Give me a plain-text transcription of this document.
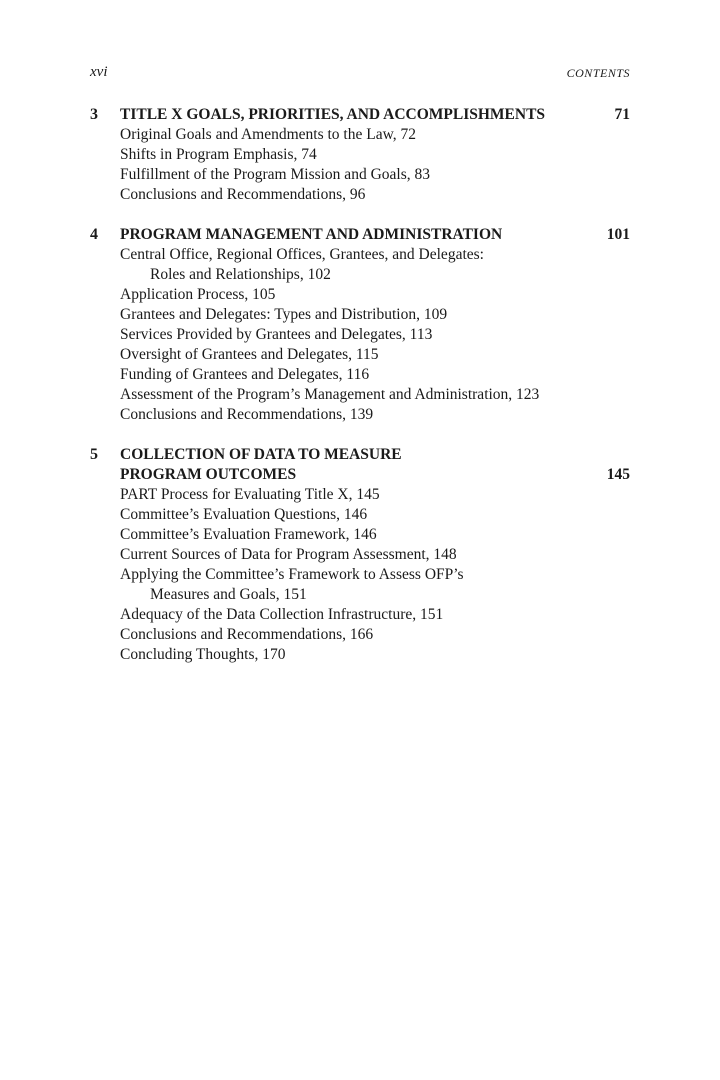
xvi	CONTENTS
3 TITLE X GOALS, PRIORITIES, AND ACCOMPLISHMENTS	71
Original Goals and Amendments to the Law, 72
Shifts in Program Emphasis, 74
Fulfillment of the Program Mission and Goals, 83
Conclusions and Recommendations, 96
4 PROGRAM MANAGEMENT AND ADMINISTRATION	101
Central Office, Regional Offices, Grantees, and Delegates:
Roles and Relationships, 102
Application Process, 105
Grantees and Delegates: Types and Distribution, 109
Services Provided by Grantees and Delegates, 113
Oversight of Grantees and Delegates, 115
Funding of Grantees and Delegates, 116
Assessment of the Program’s Management and Administration, 123
Conclusions and Recommendations, 139
5 COLLECTION OF DATA TO MEASURE
PROGRAM OUTCOMES	145
PART Process for Evaluating Title X, 145
Committee’s Evaluation Questions, 146
Committee’s Evaluation Framework, 146
Current Sources of Data for Program Assessment, 148
Applying the Committee’s Framework to Assess OFP’s
Measures and Goals, 151
Adequacy of the Data Collection Infrastructure, 151
Conclusions and Recommendations, 166
Concluding Thoughts, 170
